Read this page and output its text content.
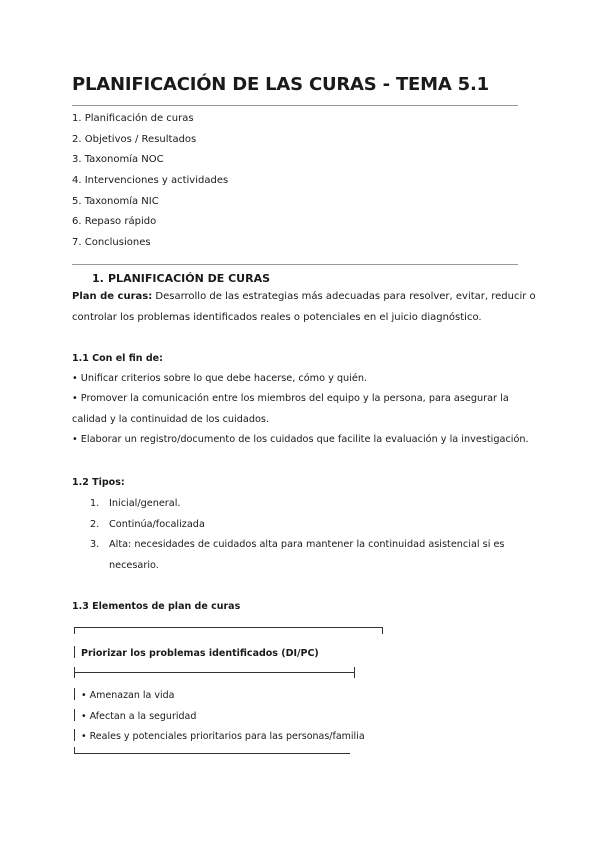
PLANIFICACIÓN DE LAS CURAS - TEMA 5.1
1. Planificación de curas
2. Objetivos / Resultados
3. Taxonomía NOC
4. Intervenciones y actividades
5. Taxonomía NIC
6. Repaso rápido
7. Conclusiones
1. PLANIFICACIÓN DE CURAS
Plan de curas: Desarrollo de las estrategias más adecuadas para resolver, evitar, reducir o
controlar los problemas identificados reales o potenciales en el juicio diagnóstico.
1.1 Con el fin de:
• Unificar criterios sobre lo que debe hacerse, cómo y quién.
• Promover la comunicación entre los miembros del equipo y la persona, para asegurar la
calidad y la continuidad de los cuidados.
• Elaborar un registro/documento de los cuidados que facilite la evaluación y la investigación.
1.2 Tipos:
1. Inicial/general.
2. Continúa/focalizada
3. Alta: necesidades de cuidados alta para mantener la continuidad asistencial si es
necesario.
1.3 Elementos de plan de curas
Priorizar los problemas identificados (DI/PC)
• Amenazan la vida
• Afectan a la seguridad
• Reales y potenciales prioritarios para las personas/familia
